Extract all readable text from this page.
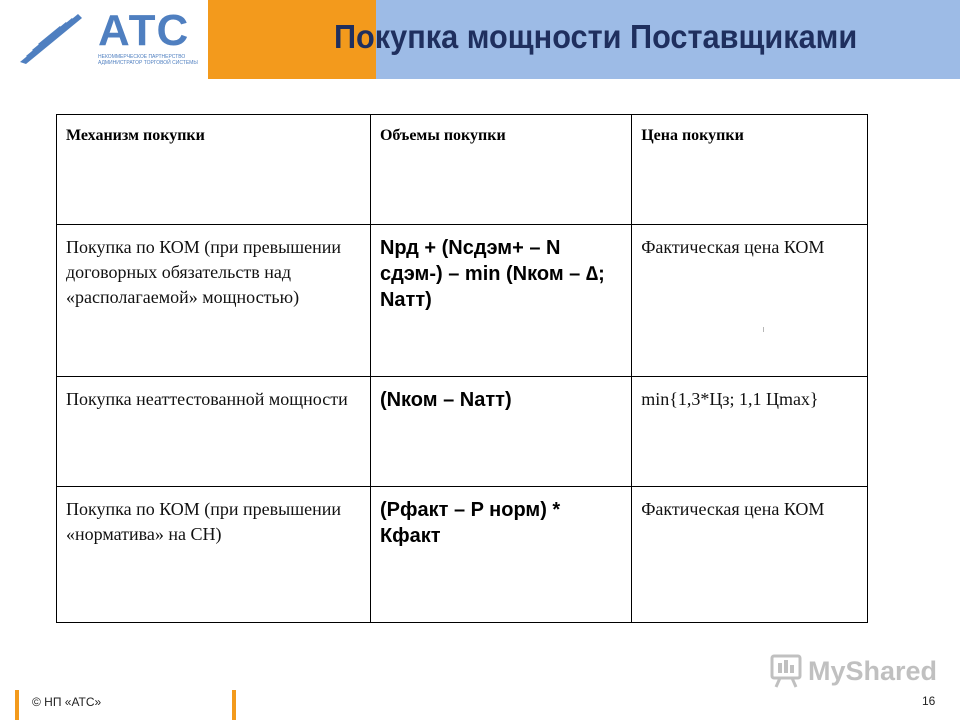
АТС
НЕКОММЕРЧЕСКОЕ ПАРТНЕРСТВО АДМИНИСТРАТОР ТОРГОВОЙ СИСТЕМЫ
Покупка мощности Поставщиками
Механизм покупки	Объемы покупки	Цена покупки
Покупка по КОМ (при превышении договорных обязательств над «располагаемой» мощностью)	Nрд + (Nсдэм+ – N сдэм-) – min (Nком – ∆; Nатт)	Фактическая цена КОМ
Покупка неаттестованной мощности	(Nком – Nатт)	min{1,3*Цз; 1,1 Цmax}
Покупка по КОМ (при превышении «норматива» на СН)	(Pфакт – P норм) * Кфакт	Фактическая цена КОМ
© НП «АТС»	16
MyShared
